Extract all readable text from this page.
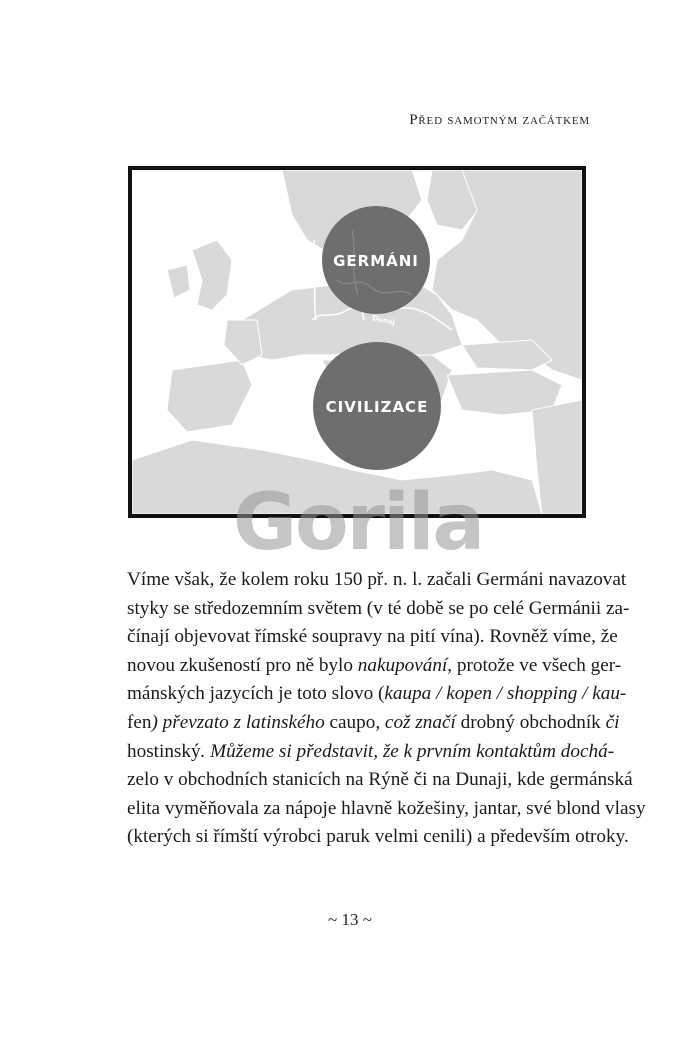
Před samotným začátkem
GERMÁNI
CIVILIZACE
Dunaj
Gorila
Víme však, že kolem roku 150 př. n. l. začali Germáni navazovat
styky se středozemním světem (v té době se po celé Germánii za-
čínají objevovat římské soupravy na pití vína). Rovněž víme, že
novou zkušeností pro ně bylo nakupování, protože ve všech ger-
mánských jazycích je toto slovo (kaupa / kopen / shopping / kau-
fen) převzato z latinského caupo, což značí drobný obchodník či
hostinský. Můžeme si představit, že k prvním kontaktům dochá-
zelo v obchodních stanicích na Rýně či na Dunaji, kde germánská
elita vyměňovala za nápoje hlavně kožešiny, jantar, své blond vlasy
(kterých si římští výrobci paruk velmi cenili) a především otroky.
~ 13 ~
